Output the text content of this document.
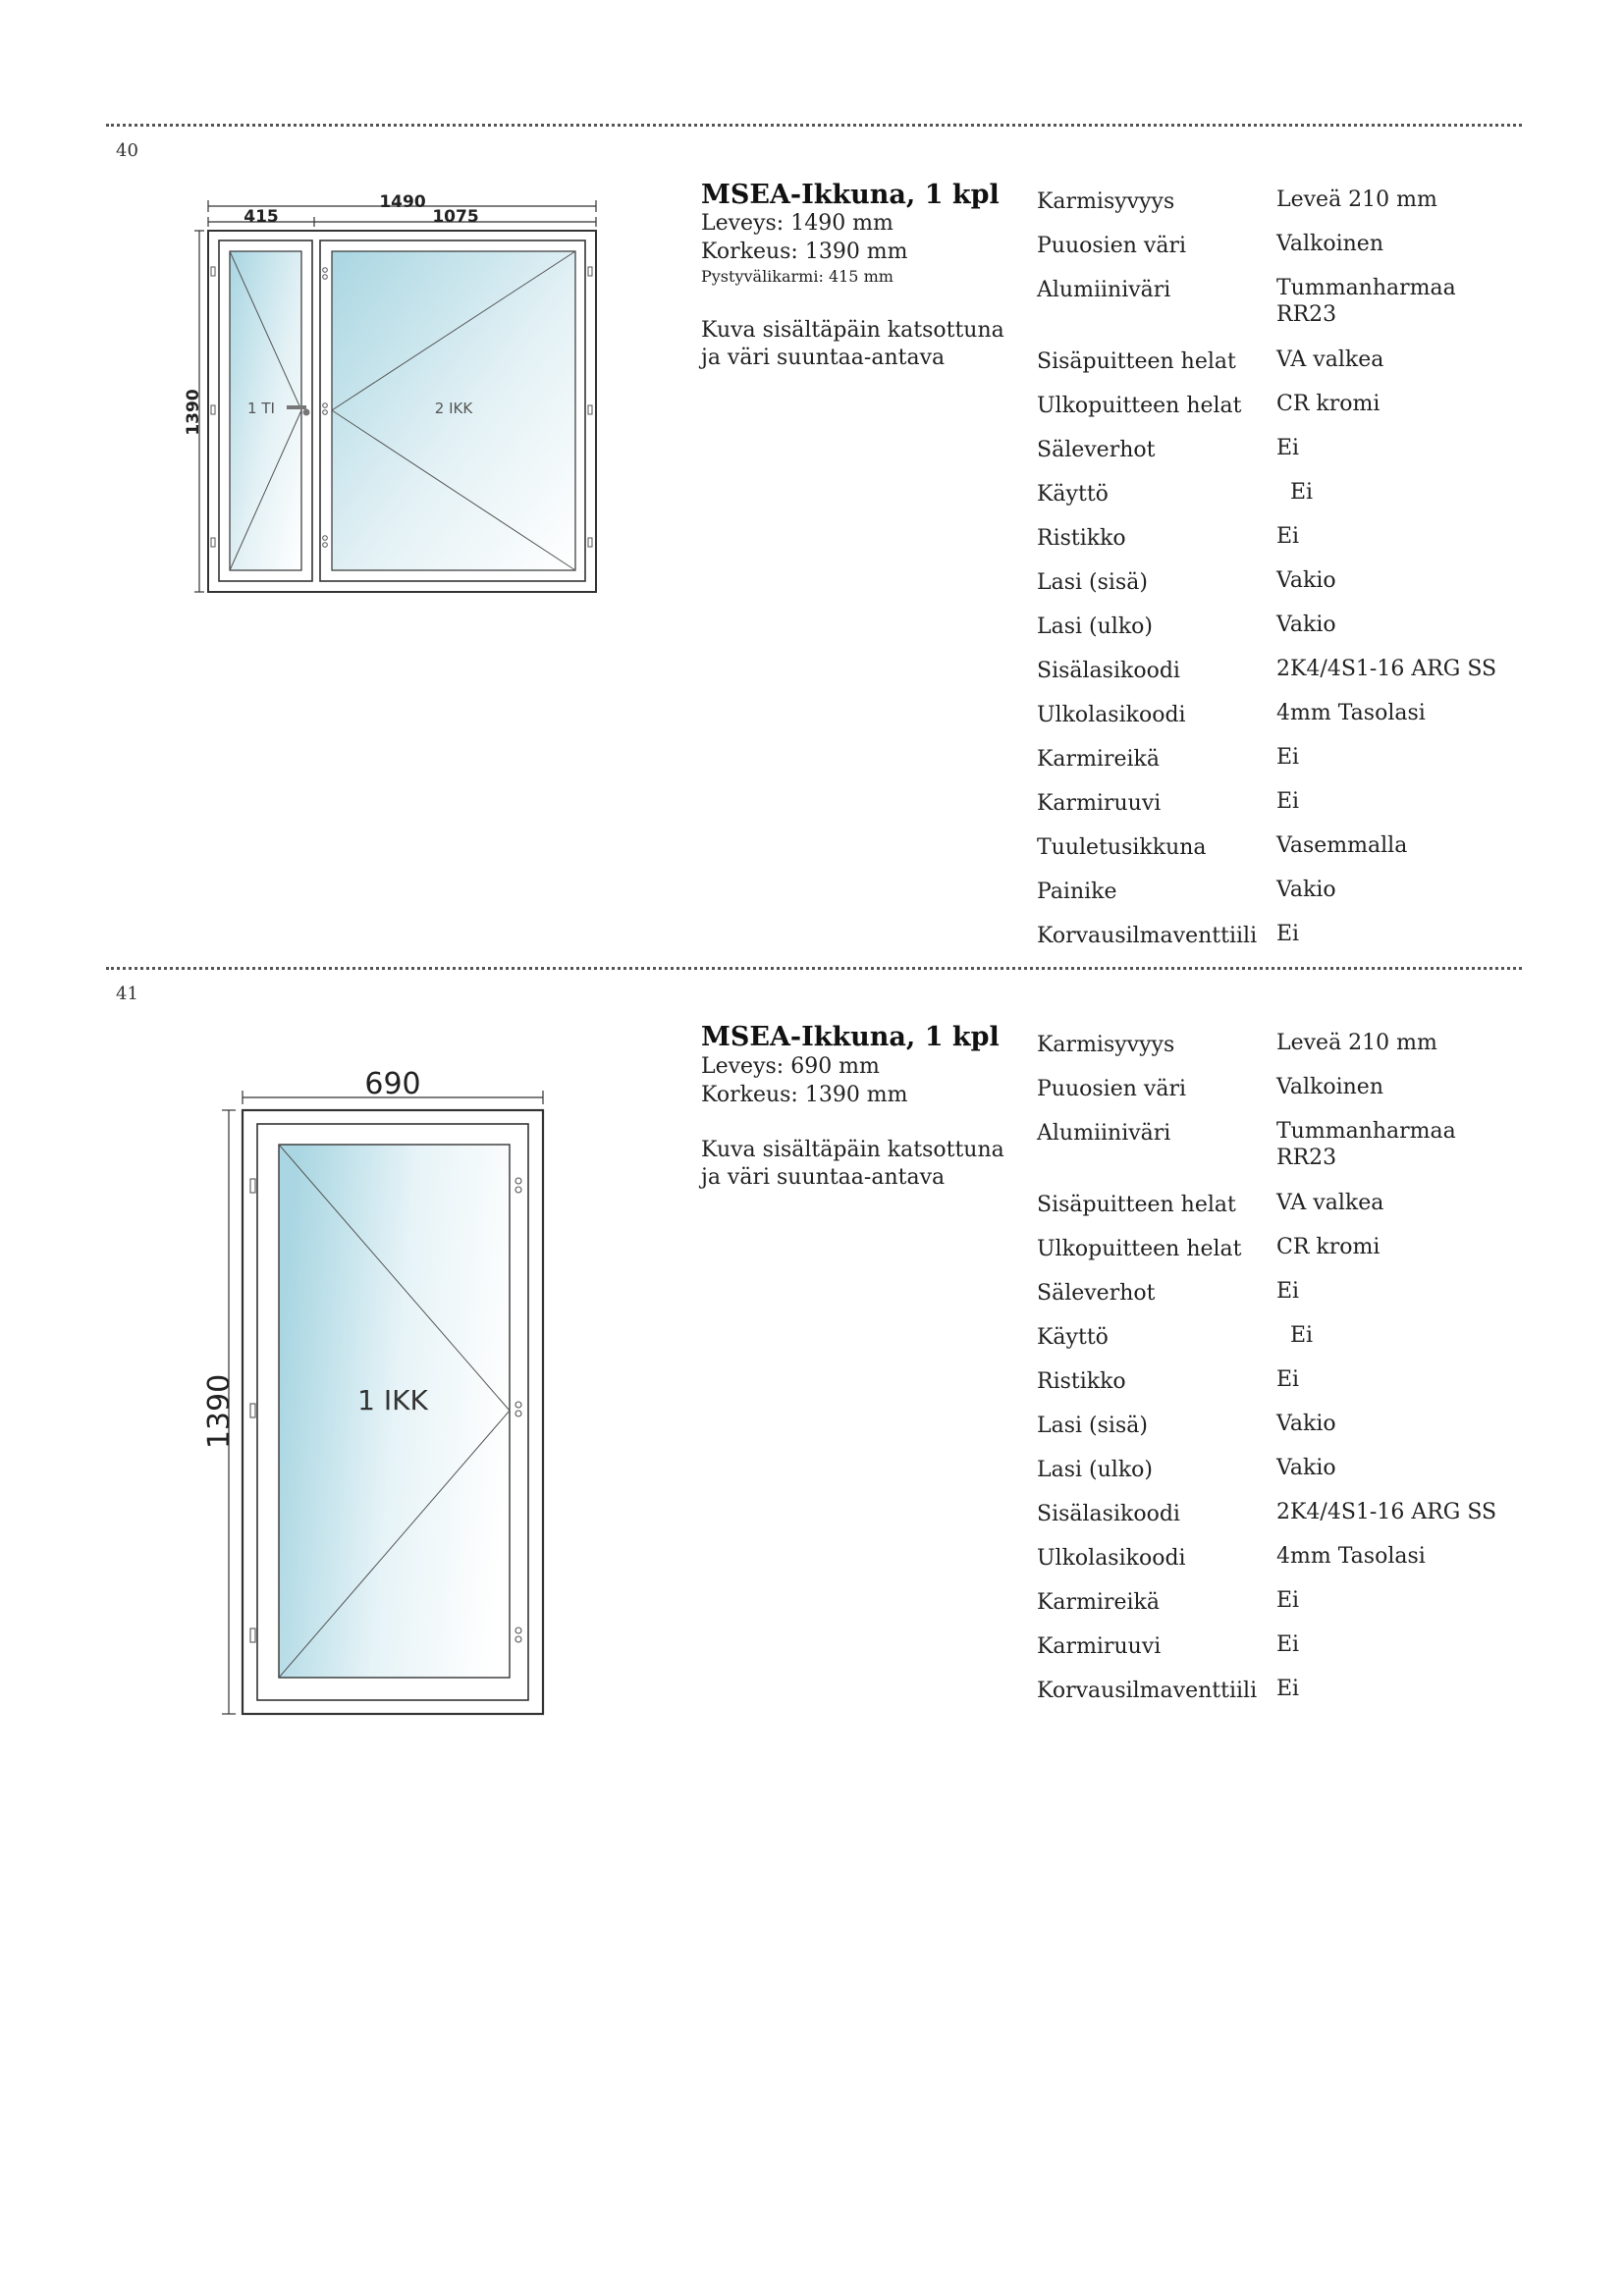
40
1490
415	1075
1390	1 TI	2 IKK
MSEA-Ikkuna, 1 kpl
Leveys: 1490 mm
Korkeus: 1390 mm
Pystyvälikarmi: 415 mm
Kuva sisältäpäin katsottuna
ja väri suuntaa-antava
Karmisyvyys	Leveä 210 mm
Puuosien väri	Valkoinen
Alumiiniväri	Tummanharmaa
RR23
Sisäpuitteen helat VA valkea
Ulkopuitteen helat CR kromi
Säleverhot	Ei
Käyttö	Ei
Ristikko	Ei
Lasi (sisä)	Vakio
Lasi (ulko)	Vakio
Sisälasikoodi	2K4/4S1-16 ARG SS
Ulkolasikoodi	4mm Tasolasi
Karmireikä	Ei
Karmiruuvi	Ei
Tuuletusikkuna	Vasemmalla
Painike	Vakio
Korvausilmaventtiili Ei
41
690
1390	1 IKK
MSEA-Ikkuna, 1 kpl
Leveys: 690 mm
Korkeus: 1390 mm
Kuva sisältäpäin katsottuna
ja väri suuntaa-antava
Karmisyvyys	Leveä 210 mm
Puuosien väri	Valkoinen
Alumiiniväri	Tummanharmaa
RR23
Sisäpuitteen helat VA valkea
Ulkopuitteen helat CR kromi
Säleverhot	Ei
Käyttö	Ei
Ristikko	Ei
Lasi (sisä)	Vakio
Lasi (ulko)	Vakio
Sisälasikoodi	2K4/4S1-16 ARG SS
Ulkolasikoodi	4mm Tasolasi
Karmireikä	Ei
Karmiruuvi	Ei
Korvausilmaventtiili Ei
